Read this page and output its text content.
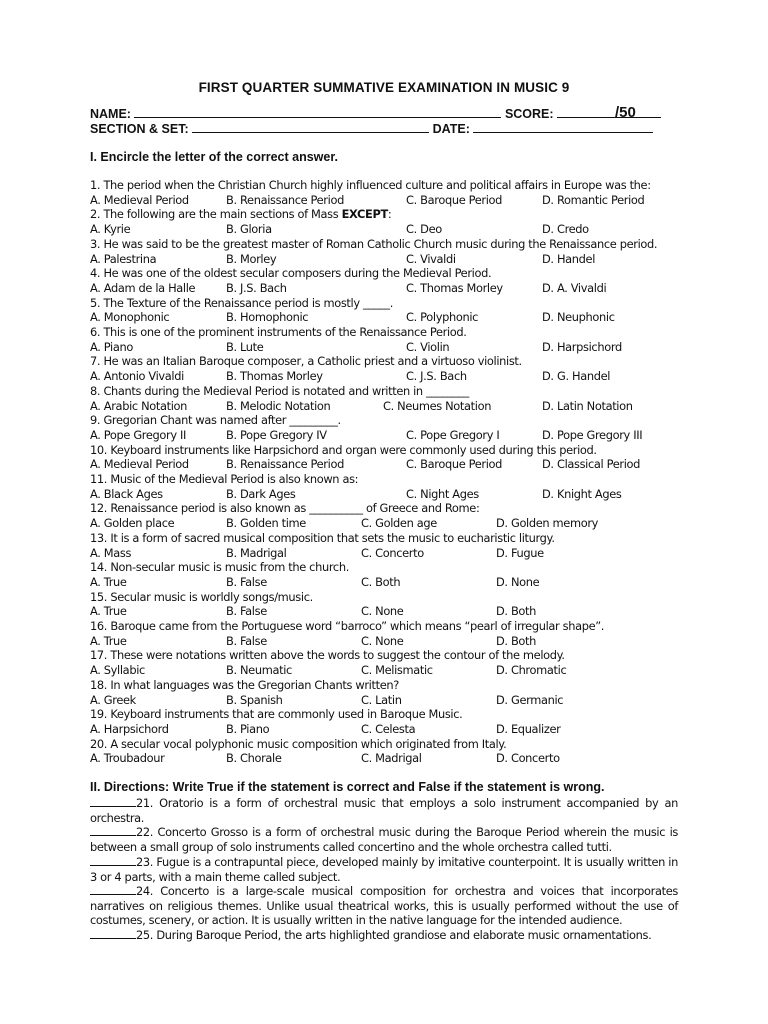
FIRST QUARTER SUMMATIVE EXAMINATION IN MUSIC 9
NAME:	SCORE:	/50
SECTION & SET:	DATE:
I. Encircle the letter of the correct answer.
1. The period when the Christian Church highly influenced culture and political affairs in Europe was the:
A. Medieval Period	B. Renaissance Period	C. Baroque Period	D. Romantic Period
2. The following are the main sections of Mass EXCEPT:
A. Kyrie	B. Gloria	C. Deo	D. Credo
3. He was said to be the greatest master of Roman Catholic Church music during the Renaissance period.
A. Palestrina	B. Morley	C. Vivaldi	D. Handel
4. He was one of the oldest secular composers during the Medieval Period.
A. Adam de la Halle	B. J.S. Bach	C. Thomas Morley	D. A. Vivaldi
5. The Texture of the Renaissance period is mostly _____.
A. Monophonic	B. Homophonic	C. Polyphonic	D. Neuphonic
6. This is one of the prominent instruments of the Renaissance Period.
A. Piano	B. Lute	C. Violin	D. Harpsichord
7. He was an Italian Baroque composer, a Catholic priest and a virtuoso violinist.
A. Antonio Vivaldi	B. Thomas Morley	C. J.S. Bach	D. G. Handel
8. Chants during the Medieval Period is notated and written in ________
A. Arabic Notation	B. Melodic Notation	C. Neumes Notation	D. Latin Notation
9. Gregorian Chant was named after _________.
A. Pope Gregory II	B. Pope Gregory IV	C. Pope Gregory I	D. Pope Gregory III
10. Keyboard instruments like Harpsichord and organ were commonly used during this period.
A. Medieval Period	B. Renaissance Period	C. Baroque Period	D. Classical Period
11. Music of the Medieval Period is also known as:
A. Black Ages	B. Dark Ages	C. Night Ages	D. Knight Ages
12. Renaissance period is also known as __________ of Greece and Rome:
A. Golden place	B. Golden time	C. Golden age	D. Golden memory
13. It is a form of sacred musical composition that sets the music to eucharistic liturgy.
A. Mass	B. Madrigal	C. Concerto	D. Fugue
14. Non-secular music is music from the church.
A. True	B. False	C. Both	D. None
15. Secular music is worldly songs/music.
A. True	B. False	C. None	D. Both
16. Baroque came from the Portuguese word “barroco” which means “pearl of irregular shape”.
A. True	B. False	C. None	D. Both
17. These were notations written above the words to suggest the contour of the melody.
A. Syllabic	B. Neumatic	C. Melismatic	D. Chromatic
18. In what languages was the Gregorian Chants written?
A. Greek	B. Spanish	C. Latin	D. Germanic
19. Keyboard instruments that are commonly used in Baroque Music.
A. Harpsichord	B. Piano	C. Celesta	D. Equalizer
20. A secular vocal polyphonic music composition which originated from Italy.
A. Troubadour	B. Chorale	C. Madrigal	D. Concerto
II. Directions: Write True if the statement is correct and False if the statement is wrong.
21. Oratorio is a form of orchestral music that employs a solo instrument accompanied by an orchestra.
22. Concerto Grosso is a form of orchestral music during the Baroque Period wherein the music is between a small group of solo instruments called concertino and the whole orchestra called tutti.
23. Fugue is a contrapuntal piece, developed mainly by imitative counterpoint. It is usually written in 3 or 4 parts, with a main theme called subject.
24. Concerto is a large-scale musical composition for orchestra and voices that incorporates narratives on religious themes. Unlike usual theatrical works, this is usually performed without the use of costumes, scenery, or action. It is usually written in the native language for the intended audience.
25. During Baroque Period, the arts highlighted grandiose and elaborate music ornamentations.
